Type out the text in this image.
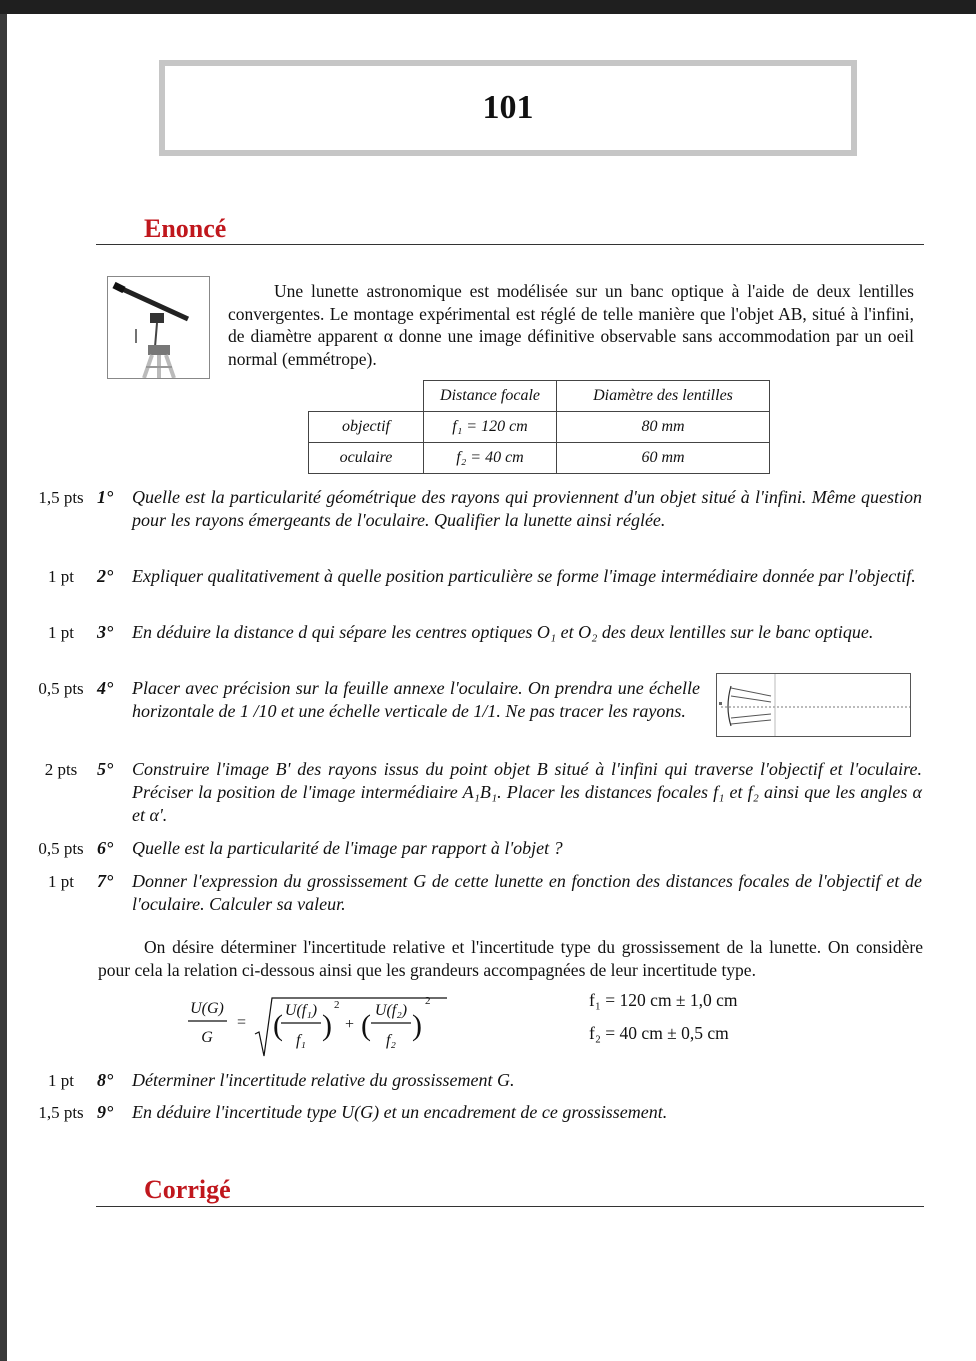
101
Enoncé
Une lunette astronomique est modélisée sur un banc optique à l'aide de deux lentilles convergentes. Le montage expérimental est réglé de telle manière que l'objet AB, situé à l'infini, de diamètre apparent α donne une image définitive observable sans accommodation par un oeil normal (emmétrope).
	Distance focale	Diamètre des lentilles
objectif	f₁ = 120 cm	80 mm
oculaire	f₂ = 40 cm	60 mm
1,5 pts 1° Quelle est la particularité géométrique des rayons qui proviennent d'un objet situé à l'infini. Même question pour les rayons émergeants de l'oculaire. Qualifier la lunette ainsi réglée.
1 pt	2° Expliquer qualitativement à quelle position particulière se forme l'image intermédiaire donnée par l'objectif.
1 pt	3° En déduire la distance d qui sépare les centres optiques O₁ et O₂ des deux lentilles sur le banc optique.
0,5 pts 4° Placer avec précision sur la feuille annexe l'oculaire. On prendra une échelle horizontale de 1 /10 et une échelle verticale de 1/1. Ne pas tracer les rayons.
2 pts	5° Construire l'image B' des rayons issus du point objet B situé à l'infini qui traverse l'objectif et l'oculaire. Préciser la position de l'image intermédiaire A₁B₁. Placer les distances focales f₁ et f₂ ainsi que les angles α et α'.
0,5 pts 6° Quelle est la particularité de l'image par rapport à l'objet ?
1 pt	7° Donner l'expression du grossissement G de cette lunette en fonction des distances focales de l'objectif et de l'oculaire. Calculer sa valeur.
On désire déterminer l'incertitude relative et l'incertitude type du grossissement de la lunette. On considère pour cela la relation ci-dessous ainsi que les grandeurs accompagnées de leur incertitude type.
U(G)
G
= ( U(f₁)
f₁ )
2
+ ( U(f₂)
f₂ )
2	f₁ = 120 cm ± 1,0 cm
f₂ = 40 cm ± 0,5 cm
1 pt	8° Déterminer l'incertitude relative du grossissement G.
1,5 pts 9° En déduire l'incertitude type U(G) et un encadrement de ce grossissement.
Corrigé
